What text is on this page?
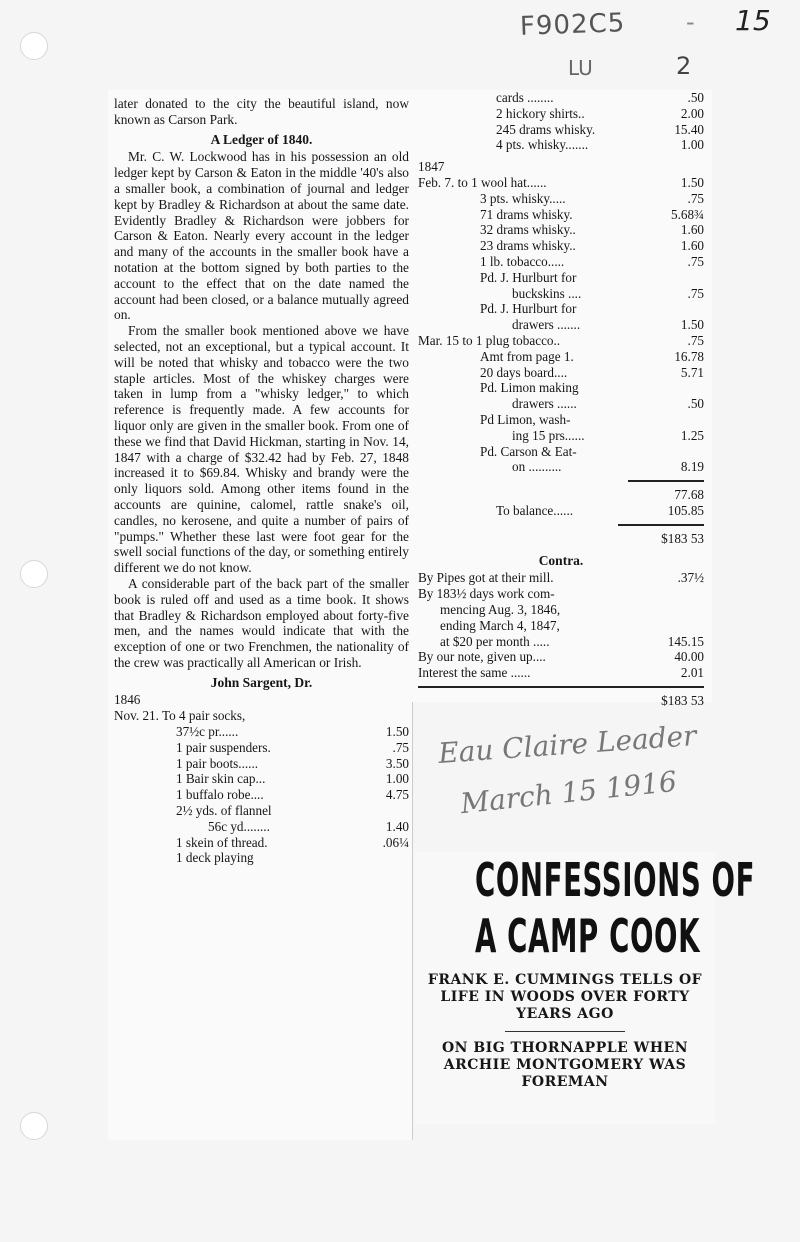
F902C5	- 15
LU	2

later donated to the city the beautiful island, now known as Carson Park.

A Ledger of 1840.

Mr. C. W. Lockwood has in his possession an old ledger kept by Carson & Eaton in the middle '40's also a smaller book, a combination of journal and ledger kept by Bradley & Richardson at about the same date. Evidently Bradley & Richardson were jobbers for Carson & Eaton. Nearly every account in the ledger and many of the accounts in the smaller book have a notation at the bottom signed by both parties to the account to the effect that on the date named the account had been closed, or a balance mutually agreed on.

From the smaller book mentioned above we have selected, not an exceptional, but a typical account. It will be noted that whisky and tobacco were the two staple articles. Most of the whiskey charges were taken in lump from a "whisky ledger," to which reference is frequently made. A few accounts for liquor only are given in the smaller book. From one of these we find that David Hickman, starting in Nov. 14, 1847 with a charge of $32.42 had by Feb. 27, 1848 increased it to $69.84. Whisky and brandy were the only liquors sold. Among other items found in the accounts are quinine, calomel, rattle snake's oil, candles, no kerosene, and quite a number of pairs of "pumps." Whether these last were foot gear for the swell social functions of the day, or something entirely different we do not know.

A considerable part of the back part of the smaller book is ruled off and used as a time book. It shows that Bradley & Richardson employed about forty-five men, and the names would indicate that with the exception of one or two Frenchmen, the nationality of the crew was practically all American or Irish.

John Sargent, Dr.
1846
Nov. 21. To 4 pair socks,
37½c pr......	1.50
1 pair suspenders.	.75
1 pair boots......	3.50
1 Bair skin cap...	1.00
1 buffalo robe....	4.75
2½ yds. of flannel
56c yd........	1.40
1 skein of thread.	.06¼
1 deck playing
cards ........	.50
2 hickory shirts..	2.00
245 drams whisky.	15.40
4 pts. whisky.......	1.00
1847
Feb. 7. to 1 wool hat......	1.50
3 pts. whisky.....	.75
71 drams whisky.	5.68¾
32 drams whisky..	1.60
23 drams whisky..	1.60
1 lb. tobacco.....	.75
Pd. J. Hurlburt for
buckskins ....	.75
Pd. J. Hurlburt for
drawers .......	1.50
Mar. 15 to 1 plug tobacco..	.75
Amt from page 1.	16.78
20 days board....	5.71
Pd. Limon making
drawers ......	.50
Pd Limon, wash-
ing 15 prs......	1.25
Pd. Carson & Eat-
on ..........	8.19
77.68
To balance......	105.85
$183 53
Contra.
By Pipes got at their mill.	.37½
By 183½ days work com-
mencing Aug. 3, 1846,
ending March 4, 1847,
at $20 per month .....	145.15
By our note, given up....	40.00
Interest the same ......	2.01
$183 53
Eau Claire Leader
March 15 1916
CONFESSIONS OF
A CAMP COOK
FRANK E. CUMMINGS TELLS OF LIFE IN WOODS OVER FORTY YEARS AGO
ON BIG THORNAPPLE WHEN ARCHIE MONTGOMERY WAS FOREMAN
